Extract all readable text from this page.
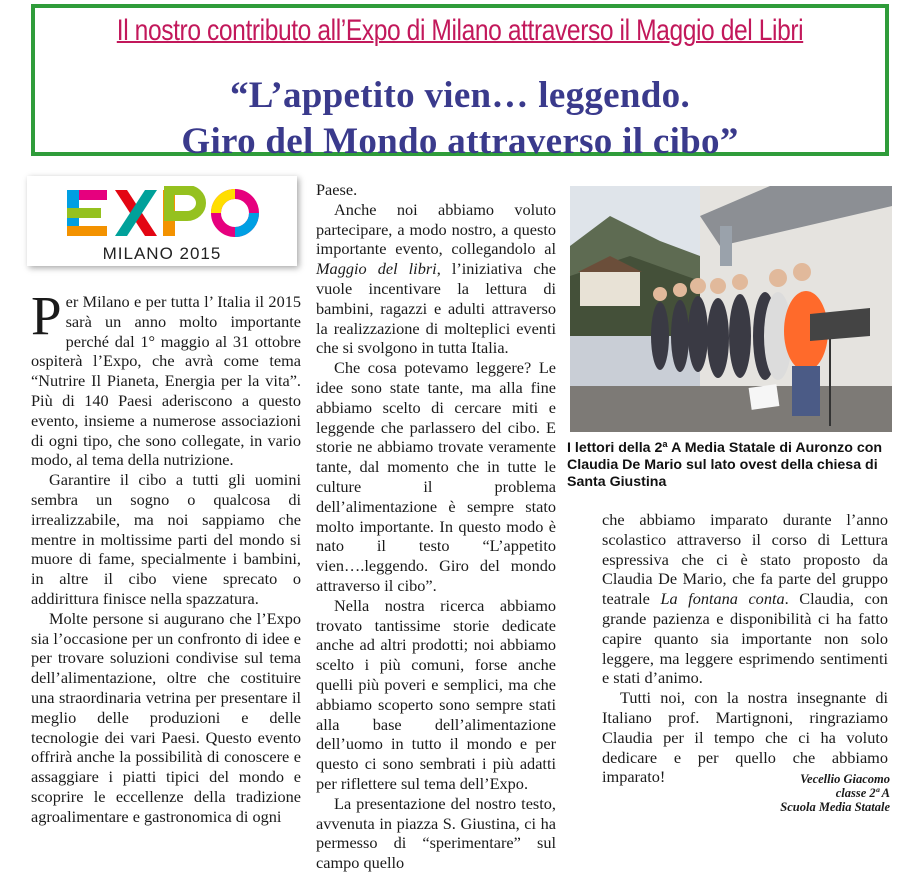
Il nostro contributo all’Expo di Milano attraverso il Maggio del Libri
“L’appetito vien… leggendo.
Giro del Mondo attraverso il cibo”
MILANO 2015

Per Milano e per tutta l’ Italia il 2015 sarà un anno molto importante perché dal 1° maggio al 31 ottobre ospiterà l’Expo, che avrà come tema “Nutrire Il Pianeta, Energia per la vita”. Più di 140 Paesi aderiscono a questo evento, insieme a numerose associazioni di ogni tipo, che sono collegate, in vario modo, al tema della nutrizione.

Garantire il cibo a tutti gli uomini sembra un sogno o qualcosa di irrealizzabile, ma noi sappiamo che mentre in moltissime parti del mondo si muore di fame, specialmente i bambini, in altre il cibo viene sprecato o addirittura finisce nella spazzatura.

Molte persone si augurano che l’Expo sia l’occasione per un confronto di idee e per trovare soluzioni condivise sul tema dell’alimentazione, oltre che costituire una straordinaria vetrina per presentare il meglio delle produzioni e delle tecnologie dei vari Paesi. Questo evento offrirà anche la possibilità di conoscere e assaggiare i piatti tipici del mondo e scoprire le eccellenze della tradizione agroalimentare e gastronomica di ogni

Paese.

Anche noi abbiamo voluto partecipare, a modo nostro, a questo importante evento, collegandolo al Maggio del libri, l’iniziativa che vuole incentivare la lettura di bambini, ragazzi e adulti attraverso la realizzazione di molteplici eventi che si svolgono in tutta Italia.

Che cosa potevamo leggere? Le idee sono state tante, ma alla fine abbiamo scelto di cercare miti e leggende che parlassero del cibo. E storie ne abbiamo trovate veramente tante, dal momento che in tutte le culture il problema dell’alimentazione è sempre stato molto importante. In questo modo è nato il testo “L’appetito vien….leggendo. Giro del mondo attraverso il cibo”.

Nella nostra ricerca abbiamo trovato tantissime storie dedicate anche ad altri prodotti; noi abbiamo scelto i più comuni, forse anche quelli più poveri e semplici, ma che abbiamo scoperto sono sempre stati alla base dell’alimentazione dell’uomo in tutto il mondo e per questo ci sono sembrati i più adatti per riflettere sul tema dell’Expo.

La presentazione del nostro testo, avvenuta in piazza S. Giustina, ci ha permesso di “sperimentare” sul campo quello

I lettori della 2ª A Media Statale di Auronzo con Claudia De Mario sul lato ovest della chiesa di Santa Giustina

che abbiamo imparato durante l’anno scolastico attraverso il corso di Lettura espressiva che ci è stato proposto da Claudia De Mario, che fa parte del gruppo teatrale La fontana conta. Claudia, con grande pazienza e disponibilità ci ha fatto capire quanto sia importante non solo leggere, ma leggere esprimendo sentimenti e stati d’animo.

Tutti noi, con la nostra insegnante di Italiano prof. Martignoni, ringraziamo Claudia per il tempo che ci ha voluto dedicare e per quello che abbiamo imparato!	Vecellio Giacomo
classe 2ª A
Scuola Media Statale
